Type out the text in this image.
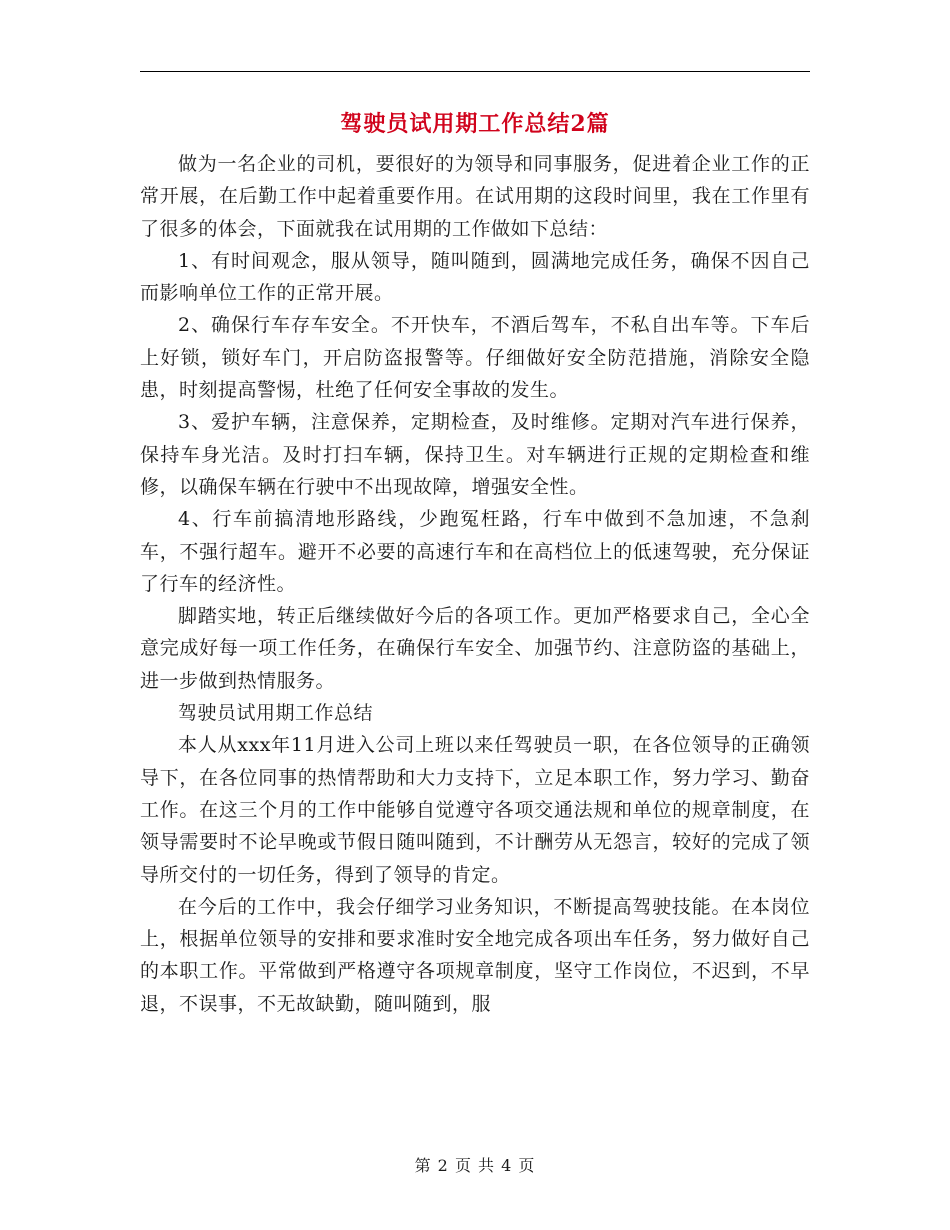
驾驶员试用期工作总结2篇

做为一名企业的司机，要很好的为领导和同事服务，促进着企业工作的正常开展，在后勤工作中起着重要作用。在试用期的这段时间里，我在工作里有了很多的体会，下面就我在试用期的工作做如下总结：

1、有时间观念，服从领导，随叫随到，圆满地完成任务，确保不因自己而影响单位工作的正常开展。

2、确保行车存车安全。不开快车，不酒后驾车，不私自出车等。下车后上好锁，锁好车门，开启防盗报警等。仔细做好安全防范措施，消除安全隐患，时刻提高警惕，杜绝了任何安全事故的发生。

3、爱护车辆，注意保养，定期检查，及时维修。定期对汽车进行保养，保持车身光洁。及时打扫车辆，保持卫生。对车辆进行正规的定期检查和维修，以确保车辆在行驶中不出现故障，增强安全性。

4、行车前搞清地形路线，少跑冤枉路，行车中做到不急加速，不急刹车，不强行超车。避开不必要的高速行车和在高档位上的低速驾驶，充分保证了行车的经济性。

脚踏实地，转正后继续做好今后的各项工作。更加严格要求自己，全心全意完成好每一项工作任务，在确保行车安全、加强节约、注意防盗的基础上，进一步做到热情服务。

驾驶员试用期工作总结

本人从xxx年11月进入公司上班以来任驾驶员一职，在各位领导的正确领导下，在各位同事的热情帮助和大力支持下，立足本职工作，努力学习、勤奋工作。在这三个月的工作中能够自觉遵守各项交通法规和单位的规章制度，在领导需要时不论早晚或节假日随叫随到，不计酬劳从无怨言，较好的完成了领导所交付的一切任务，得到了领导的肯定。

在今后的工作中，我会仔细学习业务知识，不断提高驾驶技能。在本岗位上，根据单位领导的安排和要求准时安全地完成各项出车任务，努力做好自己的本职工作。平常做到严格遵守各项规章制度，坚守工作岗位，不迟到，不早退，不误事，不无故缺勤，随叫随到，服

第 2 页 共 4 页
